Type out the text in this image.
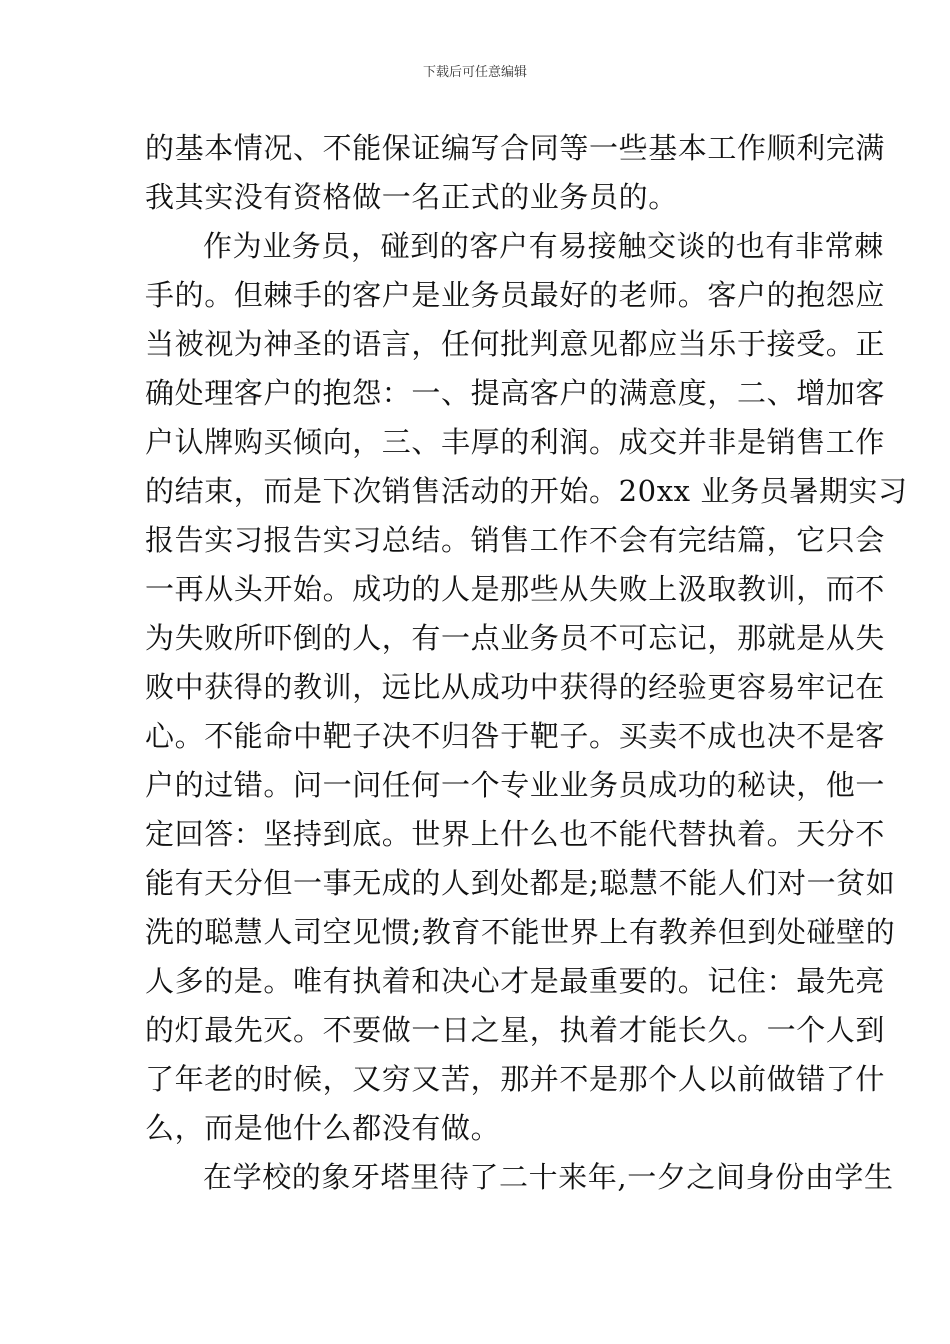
下载后可任意编辑
的基本情况、不能保证编写合同等一些基本工作顺利完满
我其实没有资格做一名正式的业务员的。
作为业务员，碰到的客户有易接触交谈的也有非常棘
手的。但棘手的客户是业务员最好的老师。客户的抱怨应
当被视为神圣的语言，任何批判意见都应当乐于接受。正
确处理客户的抱怨：一、提高客户的满意度，二、增加客
户认牌购买倾向，三、丰厚的利润。成交并非是销售工作
的结束，而是下次销售活动的开始。20xx 业务员暑期实习
报告实习报告实习总结。销售工作不会有完结篇，它只会
一再从头开始。成功的人是那些从失败上汲取教训，而不
为失败所吓倒的人，有一点业务员不可忘记，那就是从失
败中获得的教训，远比从成功中获得的经验更容易牢记在
心。不能命中靶子决不归咎于靶子。买卖不成也决不是客
户的过错。问一问任何一个专业业务员成功的秘诀，他一
定回答：坚持到底。世界上什么也不能代替执着。天分不
能有天分但一事无成的人到处都是;聪慧不能人们对一贫如
洗的聪慧人司空见惯;教育不能世界上有教养但到处碰壁的
人多的是。唯有执着和决心才是最重要的。记住：最先亮
的灯最先灭。不要做一日之星，执着才能长久。一个人到
了年老的时候，又穷又苦，那并不是那个人以前做错了什
么，而是他什么都没有做。
在学校的象牙塔里待了二十来年,一夕之间身份由学生
